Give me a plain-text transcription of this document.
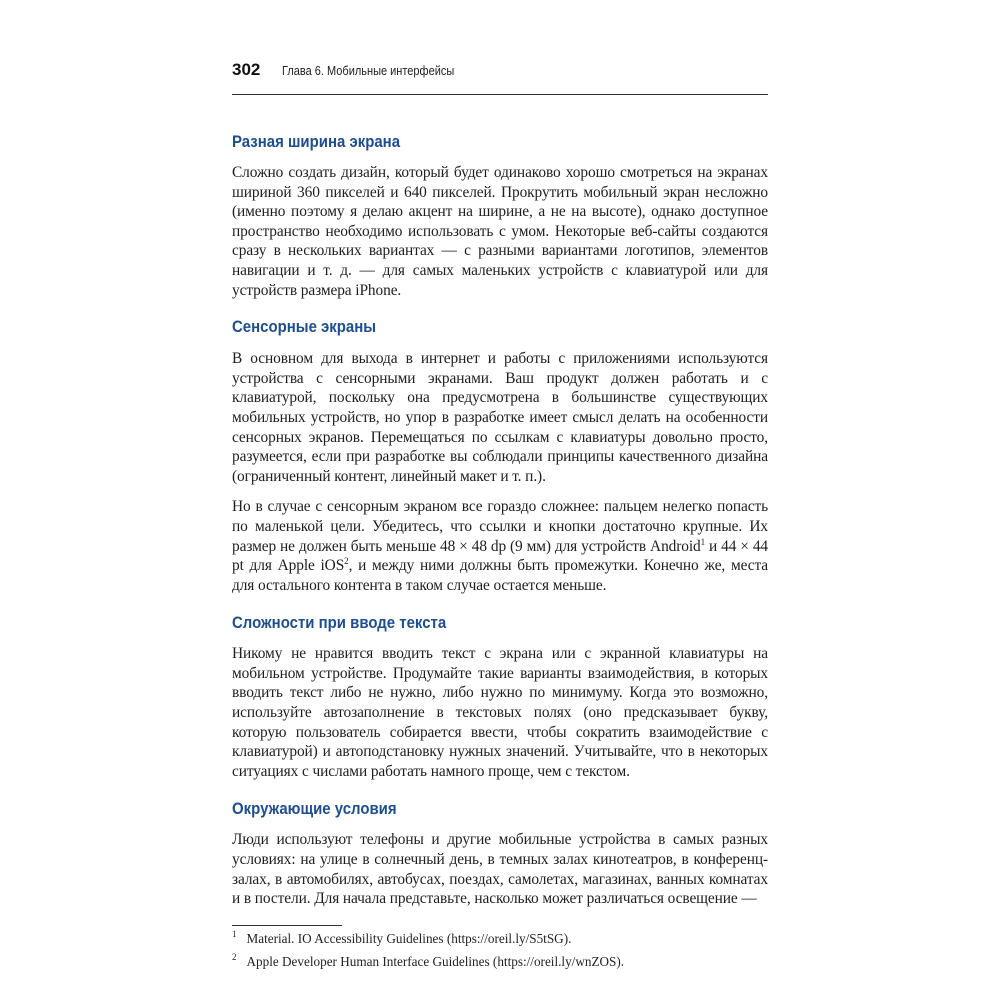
302 Глава 6. Мобильные интерфейсы
Разная ширина экрана

Сложно создать дизайн, который будет одинаково хорошо смотреться на экранах шириной 360 пикселей и 640 пикселей. Прокрутить мобильный экран несложно (именно поэтому я делаю акцент на ширине, а не на высоте), однако доступное пространство необходимо использовать с умом. Некоторые веб-сайты создаются сразу в нескольких вариантах — с разными вариантами логотипов, элементов навигации и т. д. — для самых маленьких устройств с клавиатурой или для устройств размера iPhone.

Сенсорные экраны

В основном для выхода в интернет и работы с приложениями используются устройства с сенсорными экранами. Ваш продукт должен работать и с клавиатурой, поскольку она предусмотрена в большинстве существующих мобильных устройств, но упор в разработке имеет смысл делать на особенности сенсорных экранов. Перемещаться по ссылкам с клавиатуры довольно просто, разумеется, если при разработке вы соблюдали принципы качественного дизайна (ограниченный контент, линейный макет и т. п.).

Но в случае с сенсорным экраном все гораздо сложнее: пальцем нелегко попасть по маленькой цели. Убедитесь, что ссылки и кнопки достаточно крупные. Их размер не должен быть меньше 48 × 48 dp (9 мм) для устройств Android$^1$ и 44 × 44 pt для Apple iOS$^2$, и между ними должны быть промежутки. Конечно же, места для остального контента в таком случае остается меньше.

Сложности при вводе текста

Никому не нравится вводить текст с экрана или с экранной клавиатуры на мобильном устройстве. Продумайте такие варианты взаимодействия, в которых вводить текст либо не нужно, либо нужно по минимуму. Когда это возможно, используйте автозаполнение в текстовых полях (оно предсказывает букву, которую пользователь собирается ввести, чтобы сократить взаимодействие с клавиатурой) и автоподстановку нужных значений. Учитывайте, что в некоторых ситуациях с числами работать намного проще, чем с текстом.

Окружающие условия

Люди используют телефоны и другие мобильные устройства в самых разных условиях: на улице в солнечный день, в темных залах кинотеатров, в конференц-залах, в автомобилях, автобусах, поездах, самолетах, магазинах, ванных комнатах и в постели. Для начала представьте, насколько может различаться освещение —

$^1$ Material. IO Accessibility Guidelines (https://oreil.ly/S5tSG).
$^2$ Apple Developer Human Interface Guidelines (https://oreil.ly/wnZOS).
